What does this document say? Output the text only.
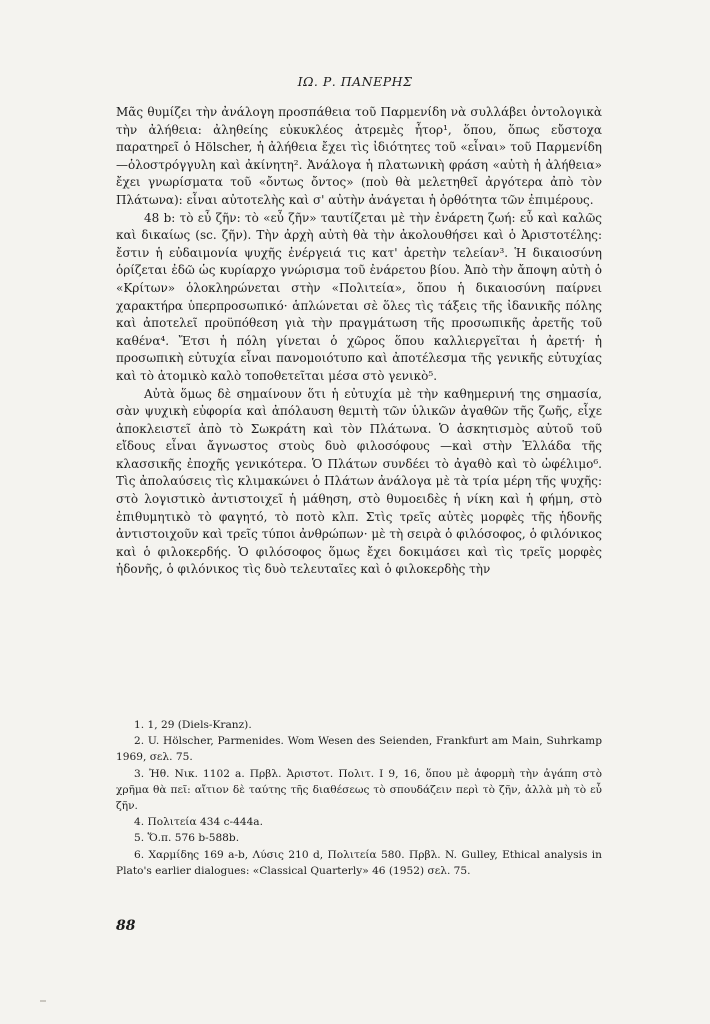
ΙΩ. Ρ. ΠΑΝΕΡΗΣ

Μᾶς θυμίζει τὴν ἀνάλογη προσπάθεια τοῦ Παρμενίδη νὰ συλλάβει ὀντολογικὰ τὴν ἀλήθεια: ἀληθείης εὐκυκλέος ἀτρεμὲς ἦτορ¹, ὅπου, ὅπως εὔστοχα παρατηρεῖ ὁ Hölscher, ἡ ἀλήθεια ἔχει τὶς ἰδιότητες τοῦ «εἶναι» τοῦ Παρμενίδη —ὁλοστρόγγυλη καὶ ἀκίνητη². Ἀνάλογα ἡ πλατωνικὴ φράση «αὐτὴ ἡ ἀλήθεια» ἔχει γνωρίσματα τοῦ «ὄντως ὄντος» (ποὺ θὰ μελετηθεῖ ἀργότερα ἀπὸ τὸν Πλάτωνα): εἶναι αὐτοτελὴς καὶ σ' αὐτὴν ἀνάγεται ἡ ὀρθότητα τῶν ἐπιμέρους.

48 b: τὸ εὖ ζῆν: τὸ «εὖ ζῆν» ταυτίζεται μὲ τὴν ἐνάρετη ζωή: εὖ καὶ καλῶς καὶ δικαίως (sc. ζῆν). Τὴν ἀρχὴ αὐτὴ θὰ τὴν ἀκολουθήσει καὶ ὁ Ἀριστοτέλης: ἔστιν ἡ εὐδαιμονία ψυχῆς ἐνέργειά τις κατ' ἀρετὴν τελείαν³. Ἡ δικαιοσύνη ὁρίζεται ἐδῶ ὡς κυρίαρχο γνώρισμα τοῦ ἐνάρετου βίου. Ἀπὸ τὴν ἄποψη αὐτὴ ὁ «Κρίτων» ὁλοκληρώνεται στὴν «Πολιτεία», ὅπου ἡ δικαιοσύνη παίρνει χαρακτήρα ὑπερπροσωπικό· ἁπλώνεται σὲ ὅλες τὶς τάξεις τῆς ἰδανικῆς πόλης καὶ ἀποτελεῖ προϋπόθεση γιὰ τὴν πραγμάτωση τῆς προσωπικῆς ἀρετῆς τοῦ καθένα⁴. Ἔτσι ἡ πόλη γίνεται ὁ χῶρος ὅπου καλλιεργεῖται ἡ ἀρετή· ἡ προσωπικὴ εὐτυχία εἶναι πανομοιότυπο καὶ ἀποτέλεσμα τῆς γενικῆς εὐτυχίας καὶ τὸ ἀτομικὸ καλὸ τοποθετεῖται μέσα στὸ γενικὸ⁵.

Αὐτὰ ὅμως δὲ σημαίνουν ὅτι ἡ εὐτυχία μὲ τὴν καθημερινή της σημασία, σὰν ψυχικὴ εὐφορία καὶ ἀπόλαυση θεμιτὴ τῶν ὑλικῶν ἀγαθῶν τῆς ζωῆς, εἶχε ἀποκλειστεῖ ἀπὸ τὸ Σωκράτη καὶ τὸν Πλάτωνα. Ὁ ἀσκητισμὸς αὐτοῦ τοῦ εἴδους εἶναι ἄγνωστος στοὺς δυὸ φιλοσόφους —καὶ στὴν Ἑλλάδα τῆς κλασσικῆς ἐποχῆς γενικότερα. Ὁ Πλάτων συνδέει τὸ ἀγαθὸ καὶ τὸ ὠφέλιμο⁶. Τὶς ἀπολαύσεις τὶς κλιμακώνει ὁ Πλάτων ἀνάλογα μὲ τὰ τρία μέρη τῆς ψυχῆς: στὸ λογιστικὸ ἀντιστοιχεῖ ἡ μάθηση, στὸ θυμοειδὲς ἡ νίκη καὶ ἡ φήμη, στὸ ἐπιθυμητικὸ τὸ φαγητό, τὸ ποτὸ κλπ. Στὶς τρεῖς αὐτὲς μορφὲς τῆς ἡδονῆς ἀντιστοιχοῦν καὶ τρεῖς τύποι ἀνθρώπων· μὲ τὴ σειρὰ ὁ φιλόσοφος, ὁ φιλόνικος καὶ ὁ φιλοκερδής. Ὁ φιλόσοφος ὅμως ἔχει δοκιμάσει καὶ τὶς τρεῖς μορφὲς ἡδονῆς, ὁ φιλόνικος τὶς δυὸ τελευταῖες καὶ ὁ φιλοκερδὴς τὴν

1. 1, 29 (Diels-Kranz).

2. U. Hölscher, Parmenides. Wom Wesen des Seienden, Frankfurt am Main, Suhrkamp 1969, σελ. 75.

3. Ἠθ. Νικ. 1102 a. Πρβλ. Ἀριστοτ. Πολιτ. I 9, 16, ὅπου μὲ ἀφορμὴ τὴν ἀγάπη στὸ χρῆμα θὰ πεῖ: αἴτιον δὲ ταύτης τῆς διαθέσεως τὸ σπουδάζειν περὶ τὸ ζῆν, ἀλλὰ μὴ τὸ εὖ ζῆν.

4. Πολιτεία 434 c-444a.

5. Ὅ.π. 576 b-588b.

6. Χαρμίδης 169 a-b, Λύσις 210 d, Πολιτεία 580. Πρβλ. N. Gulley, Ethical analysis in Plato's earlier dialogues: «Classical Quarterly» 46 (1952) σελ. 75.

88
